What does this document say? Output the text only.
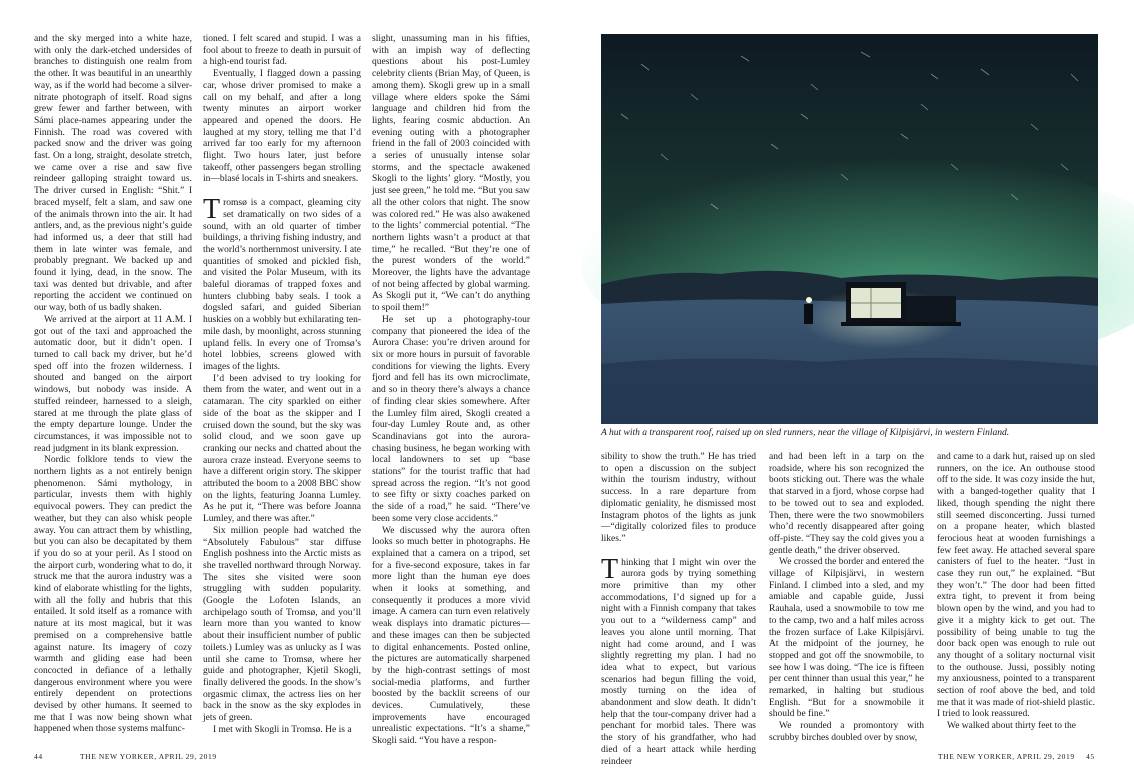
and the sky merged into a white haze, with only the dark-etched undersides of branches to distinguish one realm from the other. It was beautiful in an unearthly way, as if the world had become a silver-nitrate photograph of itself. Road signs grew fewer and farther between, with Sámi place-names appearing under the Finnish. The road was covered with packed snow and the driver was going fast. On a long, straight, desolate stretch, we came over a rise and saw five reindeer galloping straight toward us. The driver cursed in English: “Shit.” I braced myself, felt a slam, and saw one of the animals thrown into the air. It had antlers, and, as the previous night’s guide had informed us, a deer that still had them in late winter was female, and probably pregnant. We backed up and found it lying, dead, in the snow. The taxi was dented but drivable, and after reporting the accident we continued on our way, both of us badly shaken.

We arrived at the airport at 11 A.M. I got out of the taxi and approached the automatic door, but it didn’t open. I turned to call back my driver, but he’d sped off into the frozen wilderness. I shouted and banged on the airport windows, but nobody was inside. A stuffed reindeer, harnessed to a sleigh, stared at me through the plate glass of the empty departure lounge. Under the circumstances, it was impossible not to read judgment in its blank expression.

Nordic folklore tends to view the northern lights as a not entirely benign phenomenon. Sámi mythology, in particular, invests them with highly equivocal powers. They can predict the weather, but they can also whisk people away. You can attract them by whistling, but you can also be decapitated by them if you do so at your peril. As I stood on the airport curb, wondering what to do, it struck me that the aurora industry was a kind of elaborate whistling for the lights, with all the folly and hubris that this entailed. It sold itself as a romance with nature at its most magical, but it was premised on a comprehensive battle against nature. Its imagery of cozy warmth and gliding ease had been concocted in defiance of a lethally dangerous environment where you were entirely dependent on protections devised by other humans. It seemed to me that I was now being shown what happened when those systems malfunc-

tioned. I felt scared and stupid. I was a fool about to freeze to death in pursuit of a high-end tourist fad.

Eventually, I flagged down a passing car, whose driver promised to make a call on my behalf, and after a long twenty minutes an airport worker appeared and opened the doors. He laughed at my story, telling me that I’d arrived far too early for my afternoon flight. Two hours later, just before takeoff, other passengers began strolling in—blasé locals in T-shirts and sneakers.

Tromsø is a compact, gleaming city set dramatically on two sides of a sound, with an old quarter of timber buildings, a thriving fishing industry, and the world’s northernmost university. I ate quantities of smoked and pickled fish, and visited the Polar Museum, with its baleful dioramas of trapped foxes and hunters clubbing baby seals. I took a dogsled safari, and guided Siberian huskies on a wobbly but exhilarating ten-mile dash, by moonlight, across stunning upland fells. In every one of Tromsø’s hotel lobbies, screens glowed with images of the lights.

I’d been advised to try looking for them from the water, and went out in a catamaran. The city sparkled on either side of the boat as the skipper and I cruised down the sound, but the sky was solid cloud, and we soon gave up cranking our necks and chatted about the aurora craze instead. Everyone seems to have a different origin story. The skipper attributed the boom to a 2008 BBC show on the lights, featuring Joanna Lumley. As he put it, “There was before Joanna Lumley, and there was after.”

Six million people had watched the “Absolutely Fabulous” star diffuse English poshness into the Arctic mists as she travelled northward through Norway. The sites she visited were soon struggling with sudden popularity. (Google the Lofoten Islands, an archipelago south of Tromsø, and you’ll learn more than you wanted to know about their insufficient number of public toilets.) Lumley was as unlucky as I was until she came to Tromsø, where her guide and photographer, Kjetil Skogli, finally delivered the goods. In the show’s orgasmic climax, the actress lies on her back in the snow as the sky explodes in jets of green.

I met with Skogli in Tromsø. He is a

slight, unassuming man in his fifties, with an impish way of deflecting questions about his post-Lumley celebrity clients (Brian May, of Queen, is among them). Skogli grew up in a small village where elders spoke the Sámi language and children hid from the lights, fearing cosmic abduction. An evening outing with a photographer friend in the fall of 2003 coincided with a series of unusually intense solar storms, and the spectacle awakened Skogli to the lights’ glory. “Mostly, you just see green,” he told me. “But you saw all the other colors that night. The snow was colored red.” He was also awakened to the lights’ commercial potential. “The northern lights wasn’t a product at that time,” he recalled. “But they’re one of the purest wonders of the world.” Moreover, the lights have the advantage of not being affected by global warming. As Skogli put it, “We can’t do anything to spoil them!”

He set up a photography-tour company that pioneered the idea of the Aurora Chase: you’re driven around for six or more hours in pursuit of favorable conditions for viewing the lights. Every fjord and fell has its own microclimate, and so in theory there’s always a chance of finding clear skies somewhere. After the Lumley film aired, Skogli created a four-day Lumley Route and, as other Scandinavians got into the aurora-chasing business, he began working with local landowners to set up “base stations” for the tourist traffic that had spread across the region. “It’s not good to see fifty or sixty coaches parked on the side of a road,” he said. “There’ve been some very close accidents.”

We discussed why the aurora often looks so much better in photographs. He explained that a camera on a tripod, set for a five-second exposure, takes in far more light than the human eye does when it looks at something, and consequently it produces a more vivid image. A camera can turn even relatively weak displays into dramatic pictures—and these images can then be subjected to digital enhancements. Posted online, the pictures are automatically sharpened by the high-contrast settings of most social-media platforms, and further boosted by the backlit screens of our devices. Cumulatively, these improvements have encouraged unrealistic expectations. “It’s a shame,” Skogli said. “You have a respon-

A hut with a transparent roof, raised up on sled runners, near the village of Kilpisjärvi, in western Finland.

sibility to show the truth.” He has tried to open a discussion on the subject within the tourism industry, without success. In a rare departure from diplomatic geniality, he dismissed most Instagram photos of the lights as junk—“digitally colorized files to produce likes.”

Thinking that I might win over the aurora gods by trying something more primitive than my other accommodations, I’d signed up for a night with a Finnish company that takes you out to a “wilderness camp” and leaves you alone until morning. That night had come around, and I was slightly regretting my plan. I had no idea what to expect, but various scenarios had begun filling the void, mostly turning on the idea of abandonment and slow death. It didn’t help that the tour-company driver had a penchant for morbid tales. There was the story of his grandfather, who had died of a heart attack while herding reindeer

and had been left in a tarp on the roadside, where his son recognized the boots sticking out. There was the whale that starved in a fjord, whose corpse had to be towed out to sea and exploded. Then, there were the two snowmobilers who’d recently disappeared after going off-piste. “They say the cold gives you a gentle death,” the driver observed.

We crossed the border and entered the village of Kilpisjärvi, in western Finland. I climbed into a sled, and my amiable and capable guide, Jussi Rauhala, used a snowmobile to tow me to the camp, two and a half miles across the frozen surface of Lake Kilpisjärvi. At the midpoint of the journey, he stopped and got off the snowmobile, to see how I was doing. “The ice is fifteen per cent thinner than usual this year,” he remarked, in halting but studious English. “But for a snowmobile it should be fine.”

We rounded a promontory with scrubby birches doubled over by snow,

and came to a dark hut, raised up on sled runners, on the ice. An outhouse stood off to the side. It was cozy inside the hut, with a banged-together quality that I liked, though spending the night there still seemed disconcerting. Jussi turned on a propane heater, which blasted ferocious heat at wooden furnishings a few feet away. He attached several spare canisters of fuel to the heater. “Just in case they run out,” he explained. “But they won’t.” The door had been fitted extra tight, to prevent it from being blown open by the wind, and you had to give it a mighty kick to get out. The possibility of being unable to tug the door back open was enough to rule out any thought of a solitary nocturnal visit to the outhouse. Jussi, possibly noting my anxiousness, pointed to a transparent section of roof above the bed, and told me that it was made of riot-shield plastic. I tried to look reassured.

We walked about thirty feet to the

44	THE NEW YORKER, APRIL 29, 2019	THE NEW YORKER, APRIL 29, 2019 45
